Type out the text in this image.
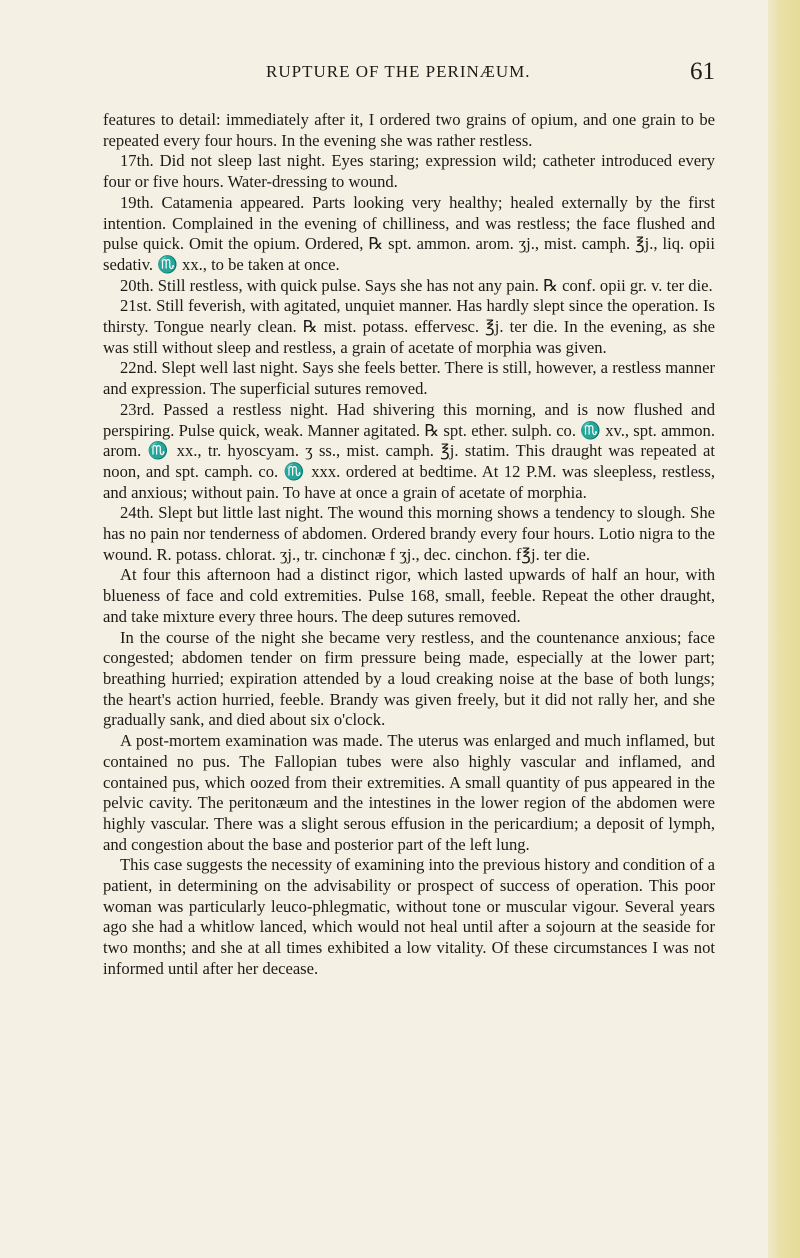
RUPTURE OF THE PERINÆUM.	61

features to detail: immediately after it, I ordered two grains of opium, and one grain to be repeated every four hours. In the evening she was rather restless.

17th. Did not sleep last night. Eyes staring; expression wild; catheter introduced every four or five hours. Water-dressing to wound.

19th. Catamenia appeared. Parts looking very healthy; healed externally by the first intention. Complained in the evening of chilliness, and was restless; the face flushed and pulse quick. Omit the opium. Ordered, ℞ spt. ammon. arom. ʒj., mist. camph. ℥j., liq. opii sedativ. ♏ xx., to be taken at once.

20th. Still restless, with quick pulse. Says she has not any pain. ℞ conf. opii gr. v. ter die.

21st. Still feverish, with agitated, unquiet manner. Has hardly slept since the operation. Is thirsty. Tongue nearly clean. ℞ mist. potass. effervesc. ℥j. ter die. In the evening, as she was still without sleep and restless, a grain of acetate of morphia was given.

22nd. Slept well last night. Says she feels better. There is still, however, a restless manner and expression. The superficial sutures removed.

23rd. Passed a restless night. Had shivering this morning, and is now flushed and perspiring. Pulse quick, weak. Manner agitated. ℞ spt. ether. sulph. co. ♏ xv., spt. ammon. arom. ♏ xx., tr. hyoscyam. ʒ ss., mist. camph. ℥j. statim. This draught was repeated at noon, and spt. camph. co. ♏ xxx. ordered at bedtime. At 12 P.M. was sleepless, restless, and anxious; without pain. To have at once a grain of acetate of morphia.

24th. Slept but little last night. The wound this morning shows a tendency to slough. She has no pain nor tenderness of abdomen. Ordered brandy every four hours. Lotio nigra to the wound. R. potass. chlorat. ʒj., tr. cinchonæ f ʒj., dec. cinchon. f℥j. ter die.

At four this afternoon had a distinct rigor, which lasted upwards of half an hour, with blueness of face and cold extremities. Pulse 168, small, feeble. Repeat the other draught, and take mixture every three hours. The deep sutures removed.

In the course of the night she became very restless, and the countenance anxious; face congested; abdomen tender on firm pressure being made, especially at the lower part; breathing hurried; expiration attended by a loud creaking noise at the base of both lungs; the heart's action hurried, feeble. Brandy was given freely, but it did not rally her, and she gradually sank, and died about six o'clock.

A post-mortem examination was made. The uterus was enlarged and much inflamed, but contained no pus. The Fallopian tubes were also highly vascular and inflamed, and contained pus, which oozed from their extremities. A small quantity of pus appeared in the pelvic cavity. The peritonæum and the intestines in the lower region of the abdomen were highly vascular. There was a slight serous effusion in the pericardium; a deposit of lymph, and congestion about the base and posterior part of the left lung.

This case suggests the necessity of examining into the previous history and condition of a patient, in determining on the advisability or prospect of success of operation. This poor woman was particularly leuco-phlegmatic, without tone or muscular vigour. Several years ago she had a whitlow lanced, which would not heal until after a sojourn at the seaside for two months; and she at all times exhibited a low vitality. Of these circumstances I was not informed until after her decease.
